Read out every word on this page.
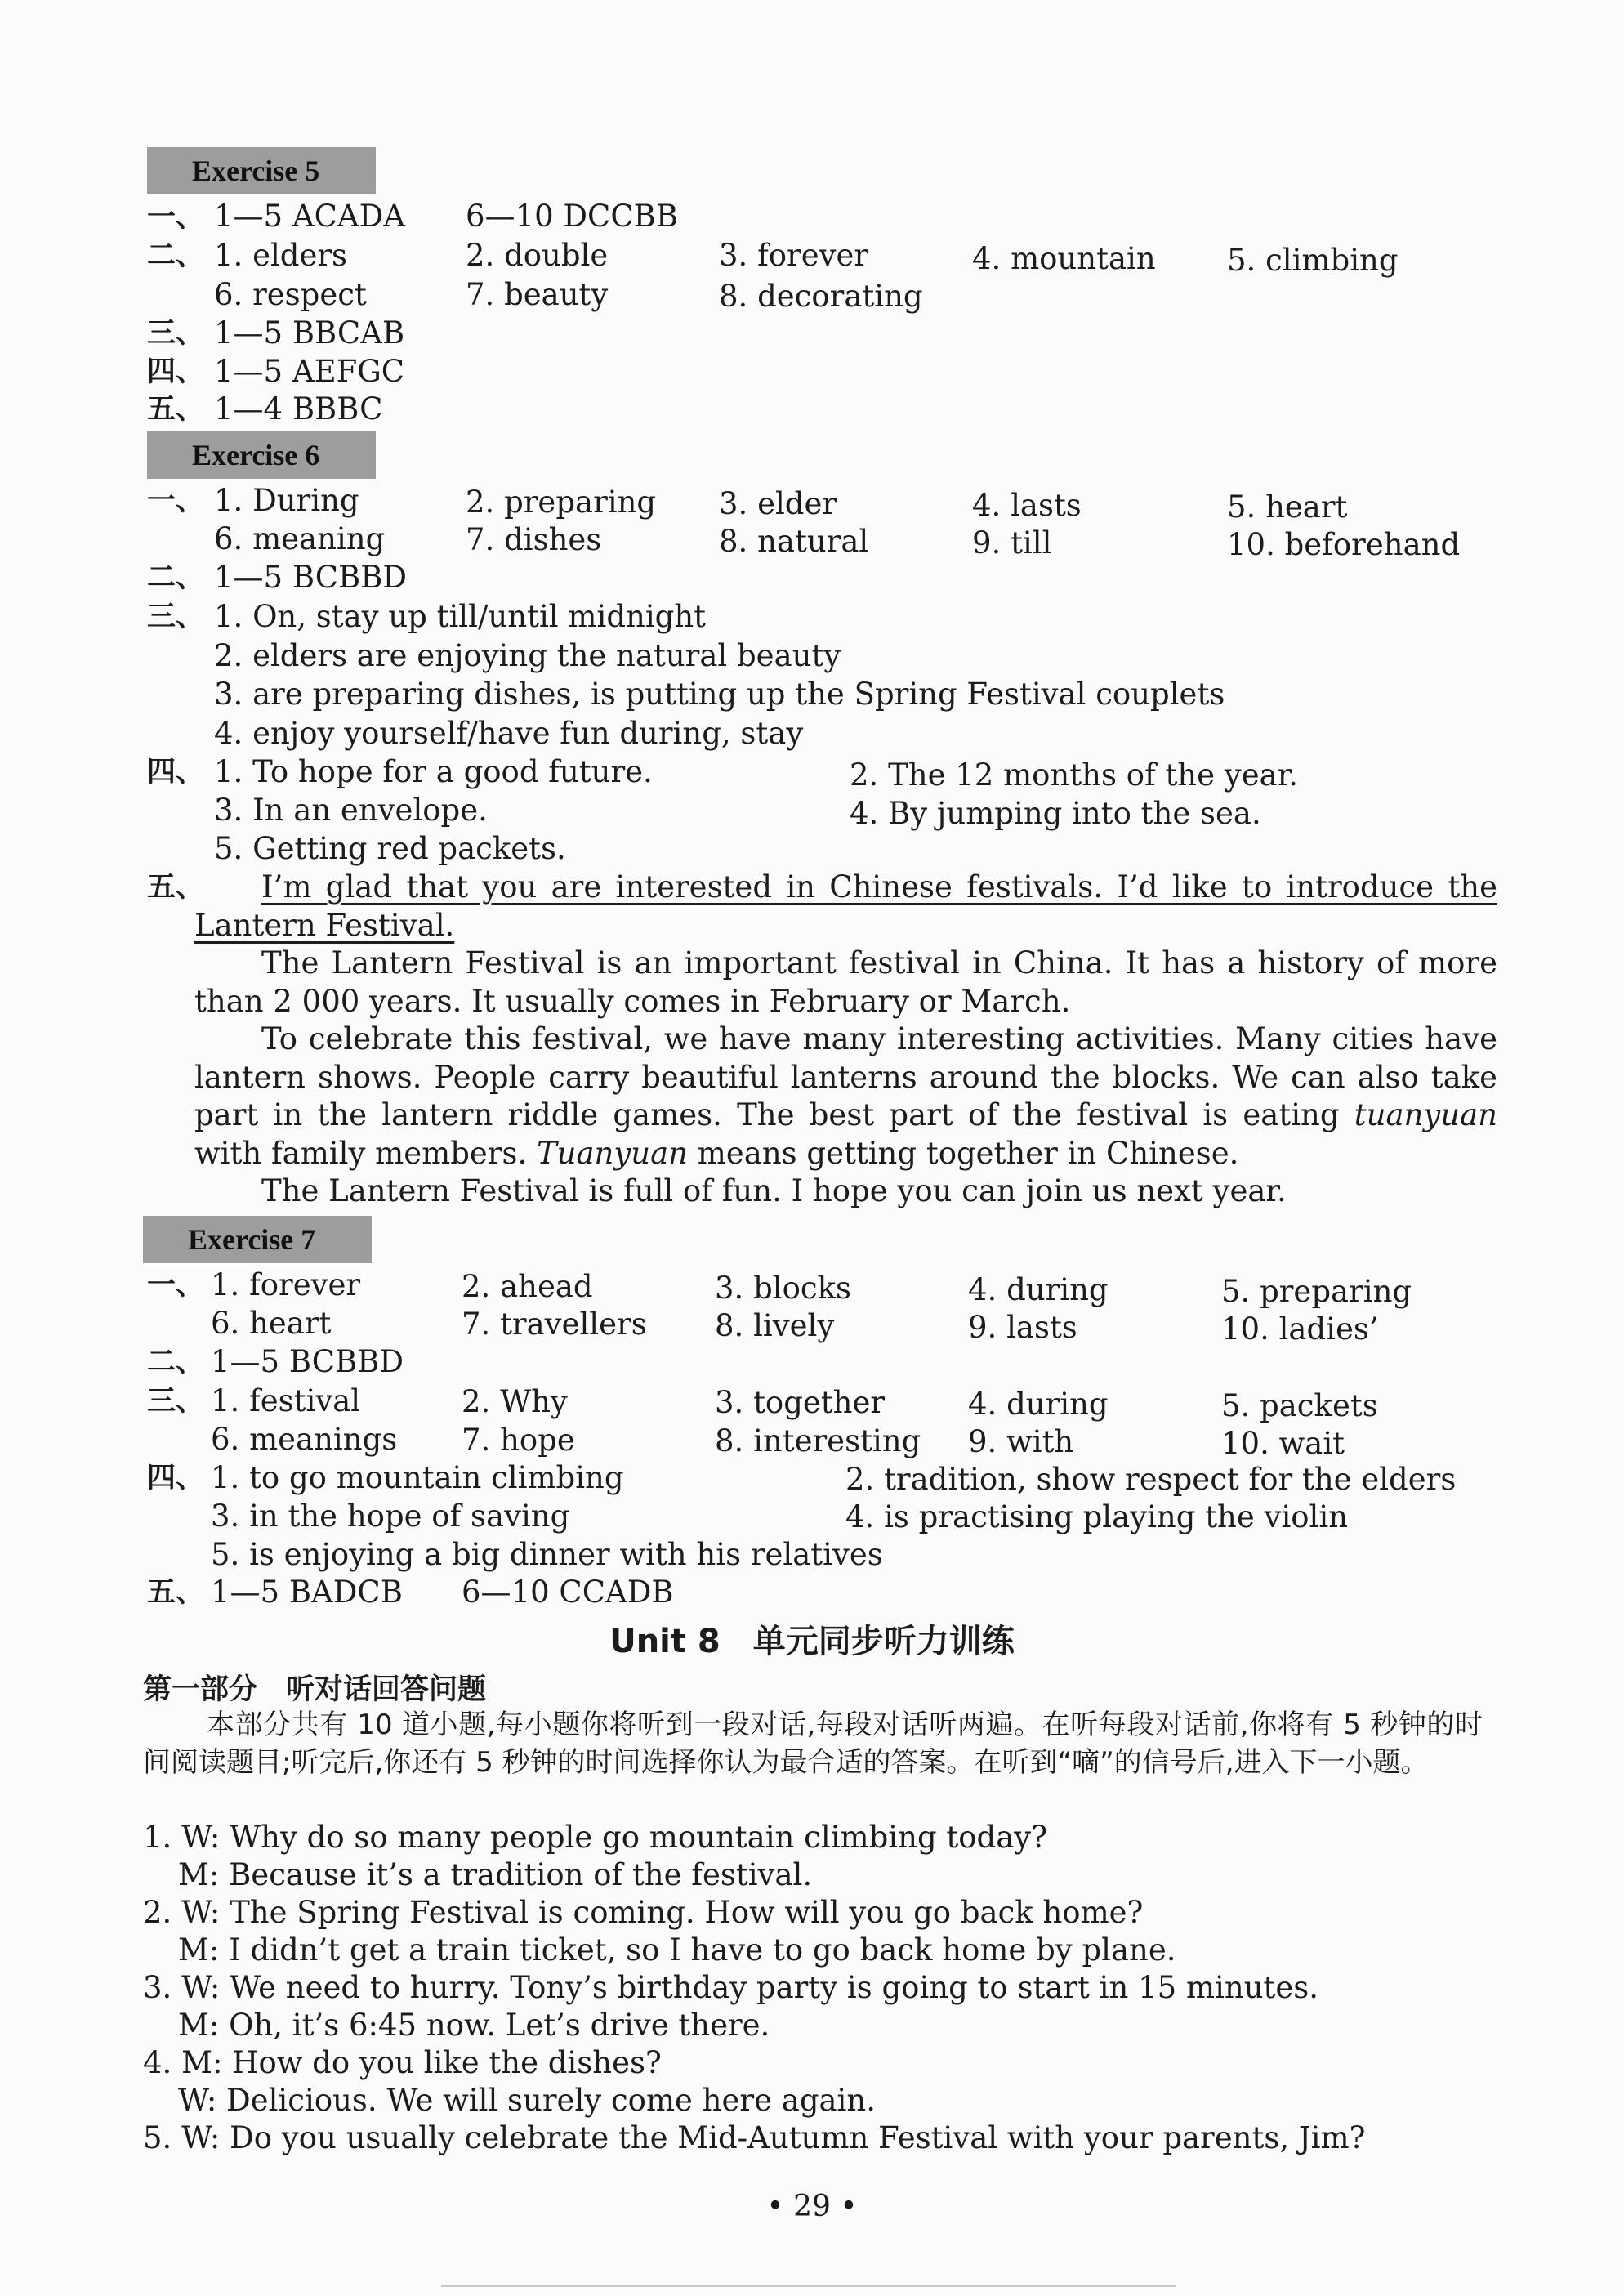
Exercise 5
一、 1—5 ACADA 6—10 DCCBB
二、 1. elders	2. double	3. forever	4. mountain 5. climbing
6. respect	7. beauty	8. decorating
三、 1—5 BBCAB
四、 1—5 AEFGC
五、 1—4 BBBC
Exercise 6
一、 1. During	2. preparing 3. elder	4. lasts	5. heart
6. meaning	7. dishes	8. natural	9. till	10. beforehand
二、 1—5 BCBBD
三、 1. On, stay up till/until midnight
2. elders are enjoying the natural beauty
3. are preparing dishes, is putting up the Spring Festival couplets
4. enjoy yourself/have fun during, stay
四、 1. To hope for a good future.	2. The 12 months of the year.
3. In an envelope.	4. By jumping into the sea.
5. Getting red packets.
五、	I’m glad that you are interested in Chinese festivals. I’d like to introduce the Lantern Festival.

The Lantern Festival is an important festival in China. It has a history of more than 2 000 years. It usually comes in February or March.

To celebrate this festival, we have many interesting activities. Many cities have lantern shows. People carry beautiful lanterns around the blocks. We can also take part in the lantern riddle games. The best part of the festival is eating tuanyuan with family members. Tuanyuan means getting together in Chinese.

The Lantern Festival is full of fun. I hope you can join us next year.

Exercise 7
一、 1. forever	2. ahead	3. blocks	4. during	5. preparing
6. heart	7. travellers 8. lively	9. lasts	10. ladies’
二、 1—5 BCBBD
三、 1. festival	2. Why	3. together	4. during	5. packets
6. meanings 7. hope	8. interesting 9. with	10. wait
四、 1. to go mountain climbing	2. tradition, show respect for the elders
3. in the hope of saving	4. is practising playing the violin
5. is enjoying a big dinner with his relatives
五、 1—5 BADCB 6—10 CCADB
Unit 8　单元同步听力训练
第一部分　听对话回答问题
本部分共有 10 道小题,每小题你将听到一段对话,每段对话听两遍。在听每段对话前,你将有 5 秒钟的时间阅读题目;听完后,你还有 5 秒钟的时间选择你认为最合适的答案。在听到“嘀”的信号后,进入下一小题。
1. W: Why do so many people go mountain climbing today?
M: Because it’s a tradition of the festival.
2. W: The Spring Festival is coming. How will you go back home?
M: I didn’t get a train ticket, so I have to go back home by plane.
3. W: We need to hurry. Tony’s birthday party is going to start in 15 minutes.
M: Oh, it’s 6:45 now. Let’s drive there.
4. M: How do you like the dishes?
W: Delicious. We will surely come here again.
5. W: Do you usually celebrate the Mid-Autumn Festival with your parents, Jim?
• 29 •
